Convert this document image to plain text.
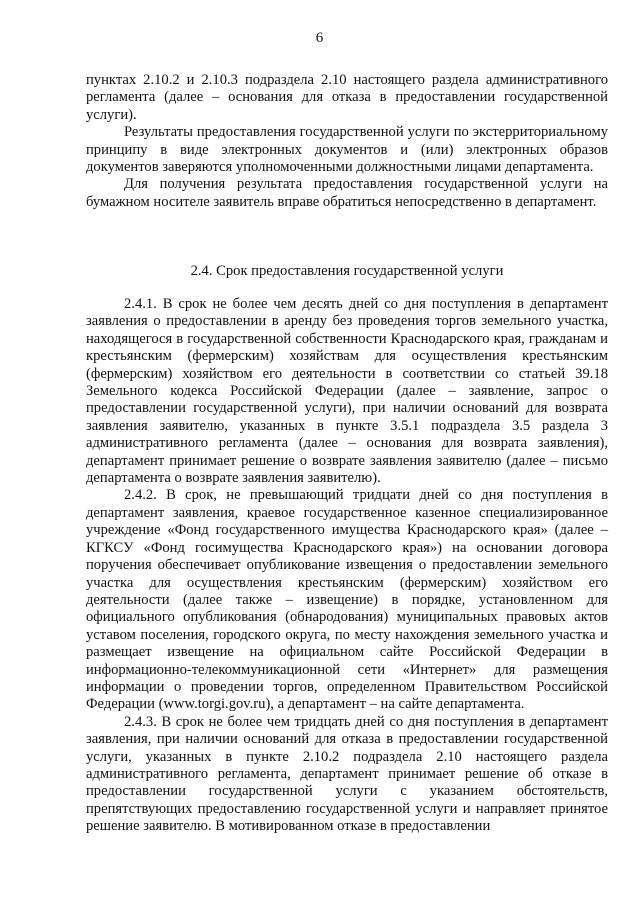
6

пунктах 2.10.2 и 2.10.3 подраздела 2.10 настоящего раздела административного регламента (далее – основания для отказа в предоставлении государственной услуги).

Результаты предоставления государственной услуги по экстерриториальному принципу в виде электронных документов и (или) электронных образов документов заверяются уполномоченными должностными лицами департамента.

Для получения результата предоставления государственной услуги на бумажном носителе заявитель вправе обратиться непосредственно в департамент.

2.4. Срок предоставления государственной услуги

2.4.1. В срок не более чем десять дней со дня поступления в департамент заявления о предоставлении в аренду без проведения торгов земельного участка, находящегося в государственной собственности Краснодарского края, гражданам и крестьянским (фермерским) хозяйствам для осуществления крестьянским (фермерским) хозяйством его деятельности в соответствии со статьей 39.18 Земельного кодекса Российской Федерации (далее – заявление, запрос о предоставлении государственной услуги), при наличии оснований для возврата заявления заявителю, указанных в пункте 3.5.1 подраздела 3.5 раздела 3 административного регламента (далее – основания для возврата заявления), департамент принимает решение о возврате заявления заявителю (далее – письмо департамента о возврате заявления заявителю).

2.4.2. В срок, не превышающий тридцати дней со дня поступления в департамент заявления, краевое государственное казенное специализированное учреждение «Фонд государственного имущества Краснодарского края» (далее – КГКСУ «Фонд госимущества Краснодарского края») на основании договора поручения обеспечивает опубликование извещения о предоставлении земельного участка для осуществления крестьянским (фермерским) хозяйством его деятельности (далее также – извещение) в порядке, установленном для официального опубликования (обнародования) муниципальных правовых актов уставом поселения, городского округа, по месту нахождения земельного участка и размещает извещение на официальном сайте Российской Федерации в информационно-телекоммуникационной сети «Интернет» для размещения информации о проведении торгов, определенном Правительством Российской Федерации (www.torgi.gov.ru), а департамент – на сайте департамента.

2.4.3. В срок не более чем тридцать дней со дня поступления в департамент заявления, при наличии оснований для отказа в предоставлении государственной услуги, указанных в пункте 2.10.2 подраздела 2.10 настоящего раздела административного регламента, департамент принимает решение об отказе в предоставлении государственной услуги с указанием обстоятельств, препятствующих предоставлению государственной услуги и направляет принятое решение заявителю. В мотивированном отказе в предоставлении
